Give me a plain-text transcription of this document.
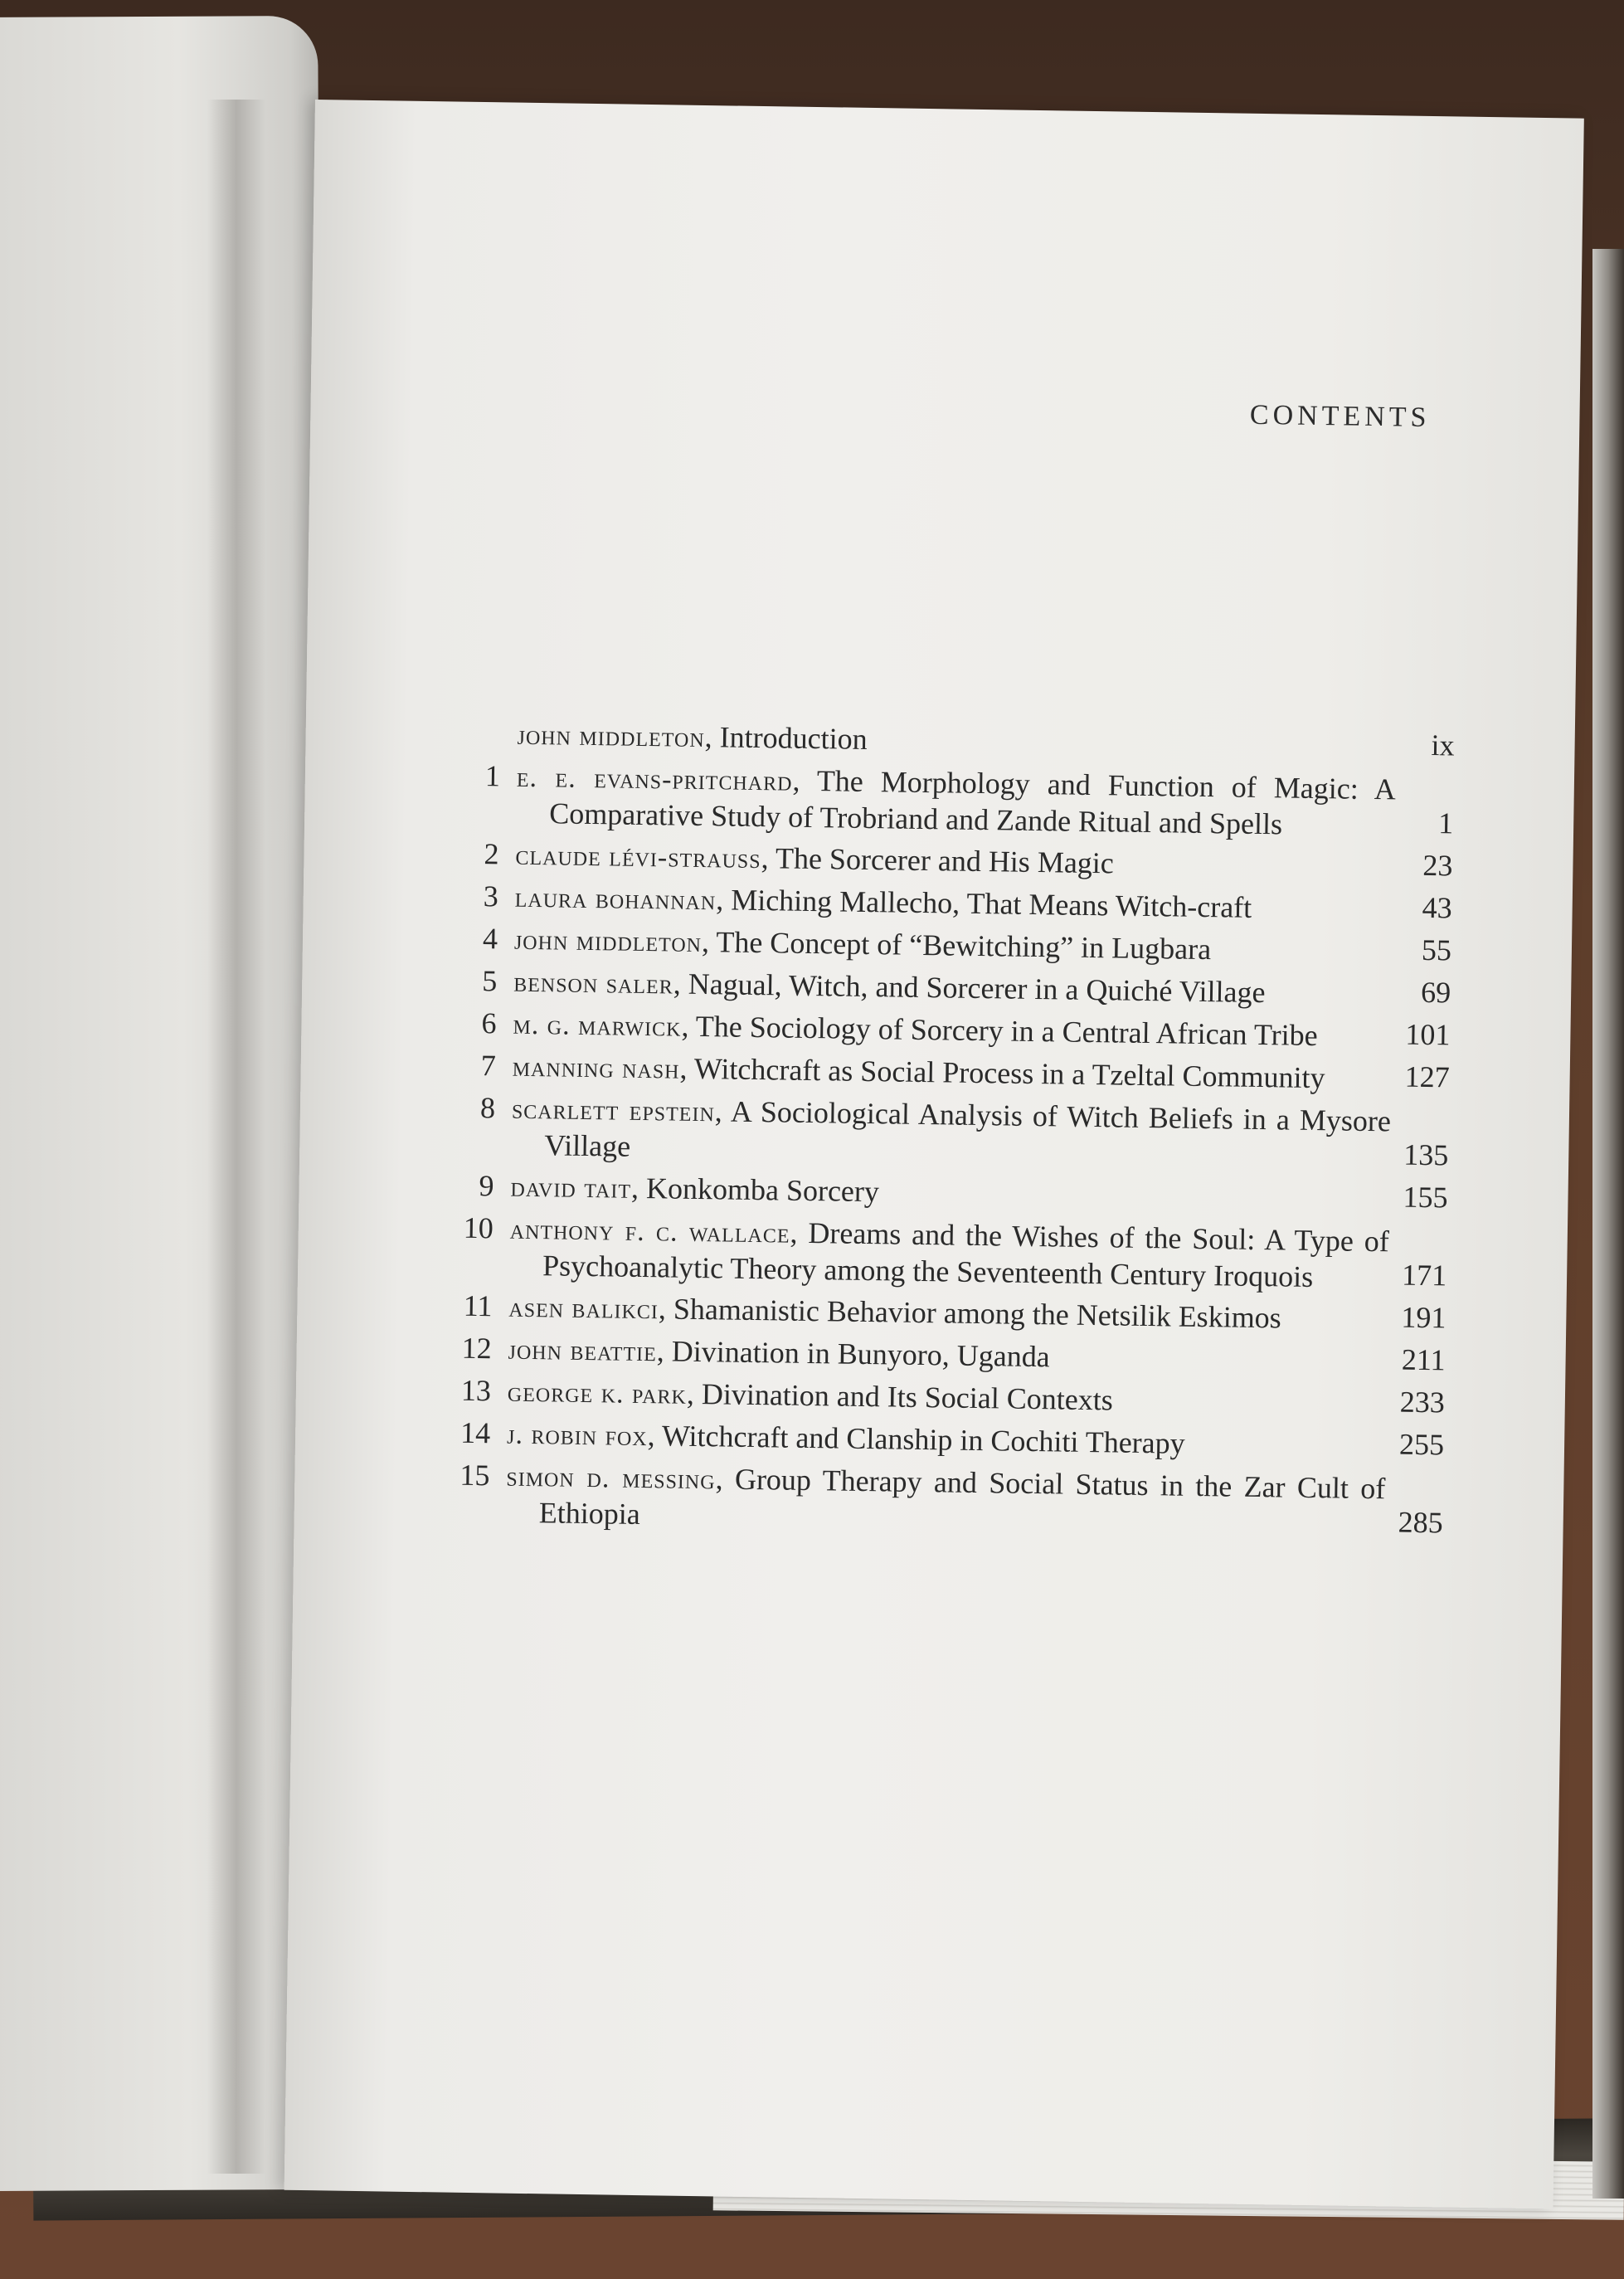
CONTENTS
john middleton, Introduction	ix
1 e. e. evans-pritchard, The Morphology and Function of Magic: A Comparative Study of Trobriand and Zande Ritual and Spells	1
2 claude lévi-strauss, The Sorcerer and His Magic	23
3 laura bohannan, Miching Mallecho, That Means Witch-craft	43
4 john middleton, The Concept of “Bewitching” in Lugbara	55
5 benson saler, Nagual, Witch, and Sorcerer in a Quiché Village	69
6 m. g. marwick, The Sociology of Sorcery in a Central African Tribe	101
7 manning nash, Witchcraft as Social Process in a Tzeltal Community	127
8 scarlett epstein, A Sociological Analysis of Witch Beliefs in a Mysore Village	135
9 david tait, Konkomba Sorcery	155
10 anthony f. c. wallace, Dreams and the Wishes of the Soul: A Type of Psychoanalytic Theory among the Seventeenth Century Iroquois	171
11 asen balikci, Shamanistic Behavior among the Netsilik Eskimos	191
12 john beattie, Divination in Bunyoro, Uganda	211
13 george k. park, Divination and Its Social Contexts	233
14 j. robin fox, Witchcraft and Clanship in Cochiti Therapy	255
15 simon d. messing, Group Therapy and Social Status in the Zar Cult of Ethiopia	285
